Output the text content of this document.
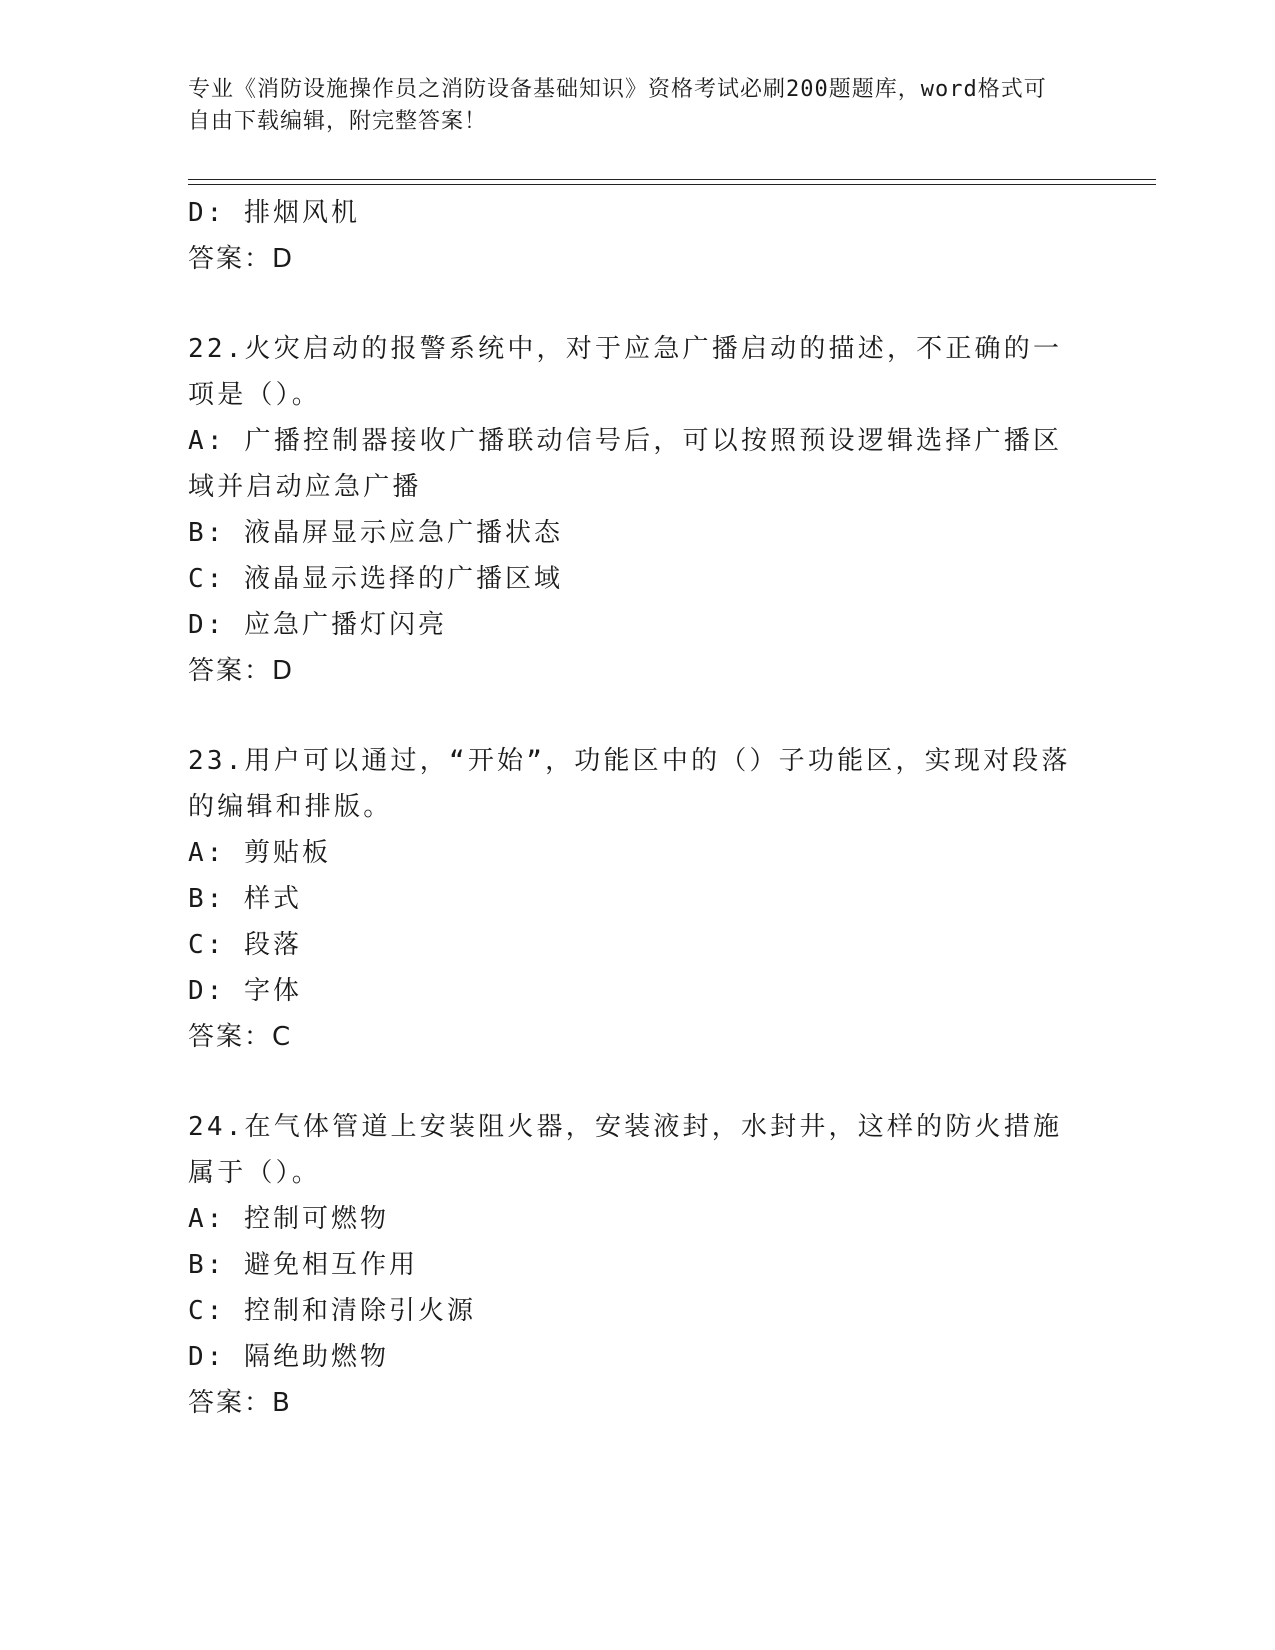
专业《消防设施操作员之消防设备基础知识》资格考试必刷200题题库，word格式可自由下载编辑，附完整答案！
D: 排烟风机
答案：D
22.火灾启动的报警系统中，对于应急广播启动的描述，不正确的一项是（）。
A: 广播控制器接收广播联动信号后，可以按照预设逻辑选择广播区域并启动应急广播
B: 液晶屏显示应急广播状态
C: 液晶显示选择的广播区域
D: 应急广播灯闪亮
答案：D
23.用户可以通过，“开始”，功能区中的（）子功能区，实现对段落的编辑和排版。
A: 剪贴板
B: 样式
C: 段落
D: 字体
答案：C
24.在气体管道上安装阻火器，安装液封，水封井，这样的防火措施属于（）。
A: 控制可燃物
B: 避免相互作用
C: 控制和清除引火源
D: 隔绝助燃物
答案：B
